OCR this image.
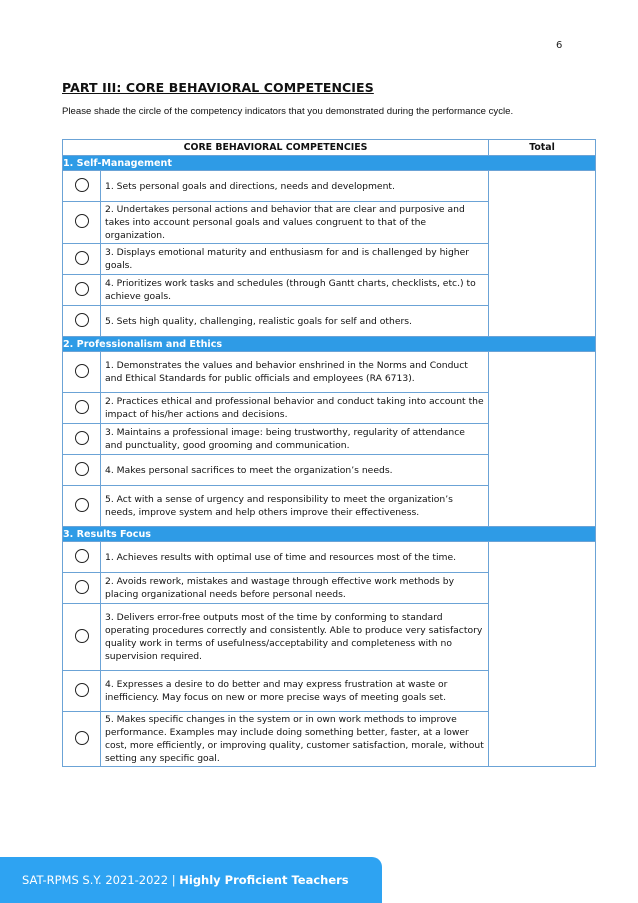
6
PART III: CORE BEHAVIORAL COMPETENCIES
Please shade the circle of the competency indicators that you demonstrated during the performance cycle.
CORE BEHAVIORAL COMPETENCIES		Total
1. Self-Management		
	1. Sets personal goals and directions, needs and development.	
	2. Undertakes personal actions and behavior that are clear and purposive and takes into account personal goals and values congruent to that of the organization.	
	3. Displays emotional maturity and enthusiasm for and is challenged by higher goals.	
	4. Prioritizes work tasks and schedules (through Gantt charts, checklists, etc.) to achieve goals.	
	5. Sets high quality, challenging, realistic goals for self and others.	
2. Professionalism and Ethics		
	1. Demonstrates the values and behavior enshrined in the Norms and Conduct and Ethical Standards for public officials and employees (RA 6713).	
	2. Practices ethical and professional behavior and conduct taking into account the impact of his/her actions and decisions.	
	3. Maintains a professional image: being trustworthy, regularity of attendance and punctuality, good grooming and communication.	
	4. Makes personal sacrifices to meet the organization’s needs.	
	5. Act with a sense of urgency and responsibility to meet the organization’s needs, improve system and help others improve their effectiveness.	
3. Results Focus		
	1. Achieves results with optimal use of time and resources most of the time.	
	2. Avoids rework, mistakes and wastage through effective work methods by placing organizational needs before personal needs.	
	3. Delivers error-free outputs most of the time by conforming to standard operating procedures correctly and consistently. Able to produce very satisfactory quality work in terms of usefulness/acceptability and completeness with no supervision required.	
	4. Expresses a desire to do better and may express frustration at waste or inefficiency. May focus on new or more precise ways of meeting goals set.	
	5. Makes specific changes in the system or in own work methods to improve performance. Examples may include doing something better, faster, at a lower cost, more efficiently, or improving quality, customer satisfaction, morale, without setting any specific goal.	
SAT-RPMS S.Y. 2021-2022 | Highly Proficient Teachers
